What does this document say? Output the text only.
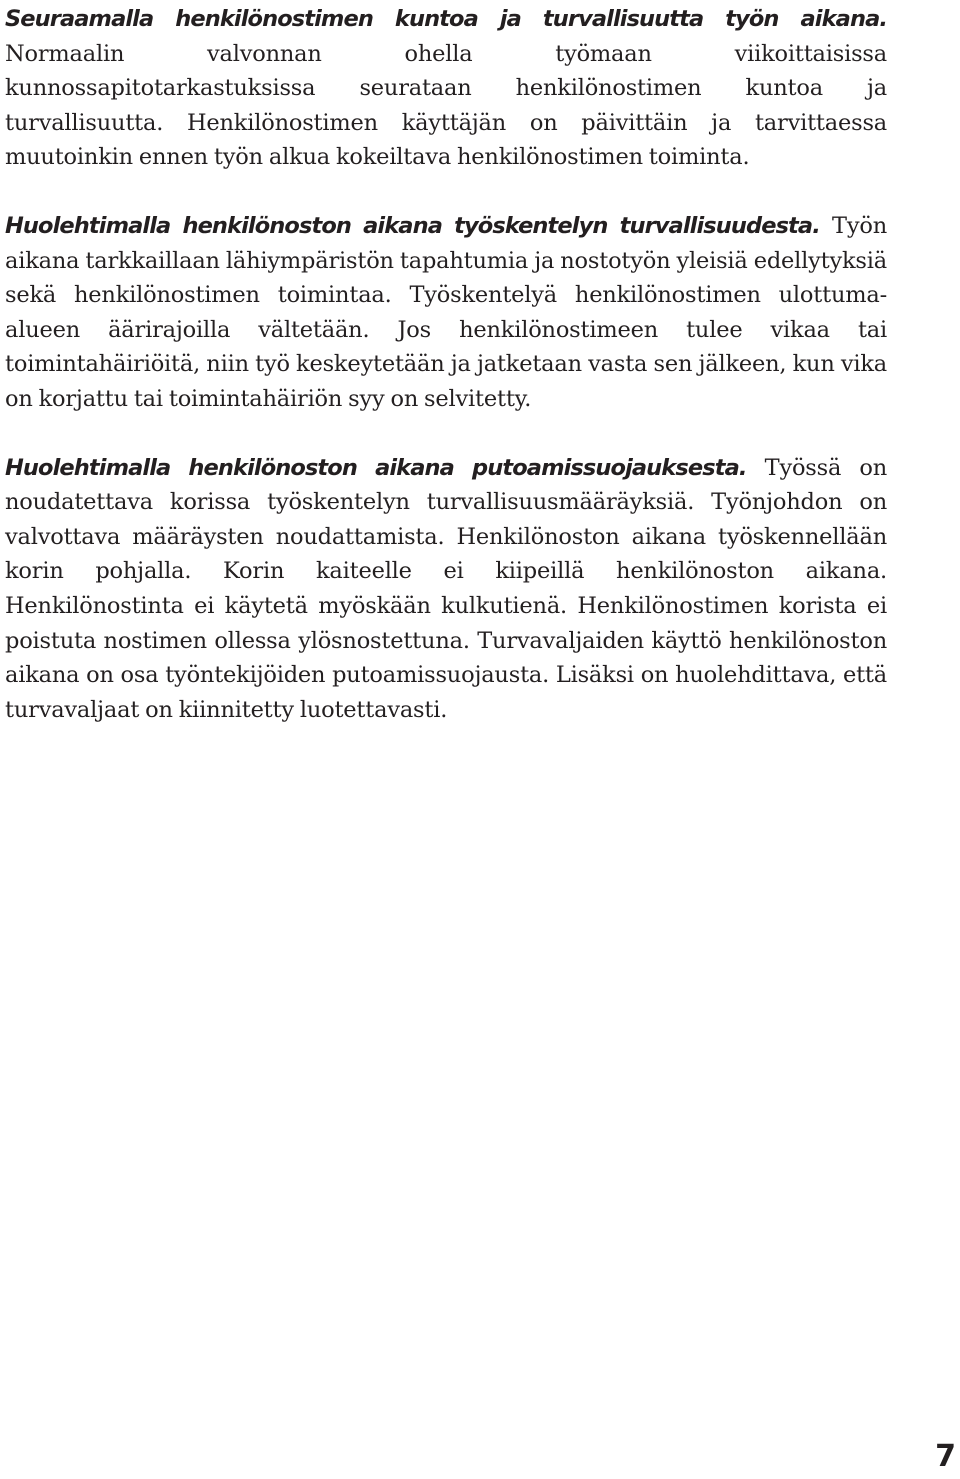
Seuraamalla henkilönostimen kuntoa ja turvallisuutta työn aikana. Normaalin valvonnan ohella työmaan viikoittaisissa kunnossapitotarkastuksissa seurataan henkilönostimen kuntoa ja turvallisuutta. Henkilönostimen käyttäjän on päivittäin ja tarvittaessa muutoinkin ennen työn alkua kokeiltava henkilönostimen toiminta.

Huolehtimalla henkilönoston aikana työskentelyn turvallisuudesta. Työn aikana tarkkaillaan lähiympäristön tapahtumia ja nostotyön yleisiä edellytyksiä sekä henkilönostimen toimintaa. Työskentelyä henkilönostimen ulottuma-alueen äärirajoilla vältetään. Jos henkilönostimeen tulee vikaa tai toimintahäiriöitä, niin työ keskeytetään ja jatketaan vasta sen jälkeen, kun vika on korjattu tai toimintahäiriön syy on selvitetty.

Huolehtimalla henkilönoston aikana putoamissuojauksesta. Työssä on noudatettava korissa työskentelyn turvallisuusmääräyksiä. Työnjohdon on valvottava määräysten noudattamista. Henkilönoston aikana työskennellään korin pohjalla. Korin kaiteelle ei kiipeillä henkilönoston aikana. Henkilönostinta ei käytetä myöskään kulkutienä. Henkilönostimen korista ei poistuta nostimen ollessa ylösnostettuna. Turvavaljaiden käyttö henkilönoston aikana on osa työntekijöiden putoamissuojausta. Lisäksi on huolehdittava, että turvavaljaat on kiinnitetty luotettavasti.

7
